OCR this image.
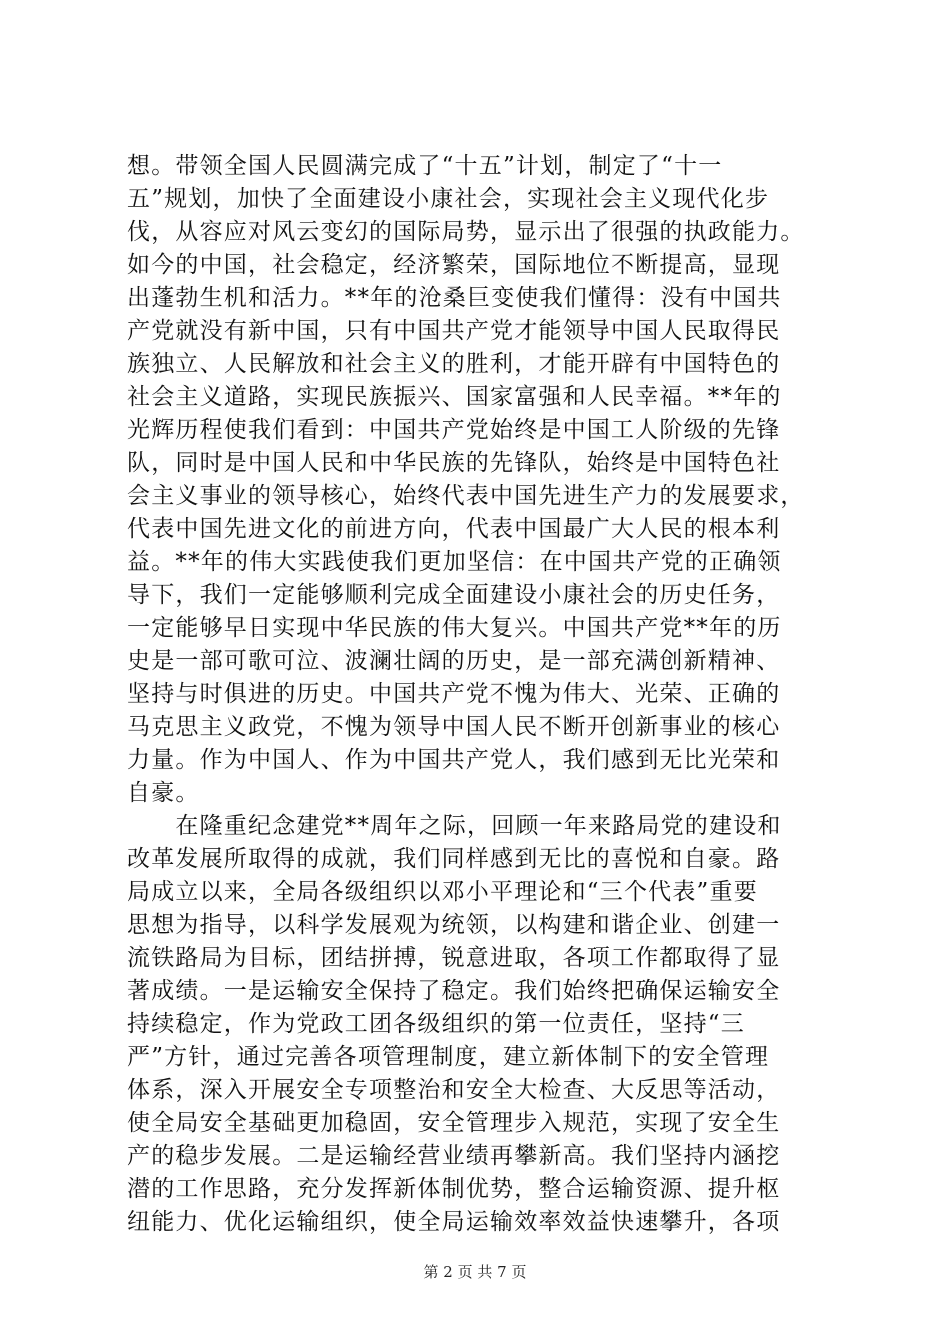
想。带领全国人民圆满完成了“十五”计划，制定了“十一
五”规划，加快了全面建设小康社会，实现社会主义现代化步
伐，从容应对风云变幻的国际局势，显示出了很强的执政能力。
如今的中国，社会稳定，经济繁荣，国际地位不断提高，显现
出蓬勃生机和活力。**年的沧桑巨变使我们懂得：没有中国共
产党就没有新中国，只有中国共产党才能领导中国人民取得民
族独立、人民解放和社会主义的胜利，才能开辟有中国特色的
社会主义道路，实现民族振兴、国家富强和人民幸福。**年的
光辉历程使我们看到：中国共产党始终是中国工人阶级的先锋
队，同时是中国人民和中华民族的先锋队，始终是中国特色社
会主义事业的领导核心，始终代表中国先进生产力的发展要求，
代表中国先进文化的前进方向，代表中国最广大人民的根本利
益。**年的伟大实践使我们更加坚信：在中国共产党的正确领
导下，我们一定能够顺利完成全面建设小康社会的历史任务，
一定能够早日实现中华民族的伟大复兴。中国共产党**年的历
史是一部可歌可泣、波澜壮阔的历史，是一部充满创新精神、
坚持与时俱进的历史。中国共产党不愧为伟大、光荣、正确的
马克思主义政党，不愧为领导中国人民不断开创新事业的核心
力量。作为中国人、作为中国共产党人，我们感到无比光荣和
自豪。
　　在隆重纪念建党**周年之际，回顾一年来路局党的建设和
改革发展所取得的成就，我们同样感到无比的喜悦和自豪。路
局成立以来，全局各级组织以邓小平理论和“三个代表”重要
思想为指导，以科学发展观为统领，以构建和谐企业、创建一
流铁路局为目标，团结拼搏，锐意进取，各项工作都取得了显
著成绩。一是运输安全保持了稳定。我们始终把确保运输安全
持续稳定，作为党政工团各级组织的第一位责任，坚持“三
严”方针，通过完善各项管理制度，建立新体制下的安全管理
体系，深入开展安全专项整治和安全大检查、大反思等活动，
使全局安全基础更加稳固，安全管理步入规范，实现了安全生
产的稳步发展。二是运输经营业绩再攀新高。我们坚持内涵挖
潜的工作思路，充分发挥新体制优势，整合运输资源、提升枢
纽能力、优化运输组织，使全局运输效率效益快速攀升，各项
第 2 页 共 7 页
